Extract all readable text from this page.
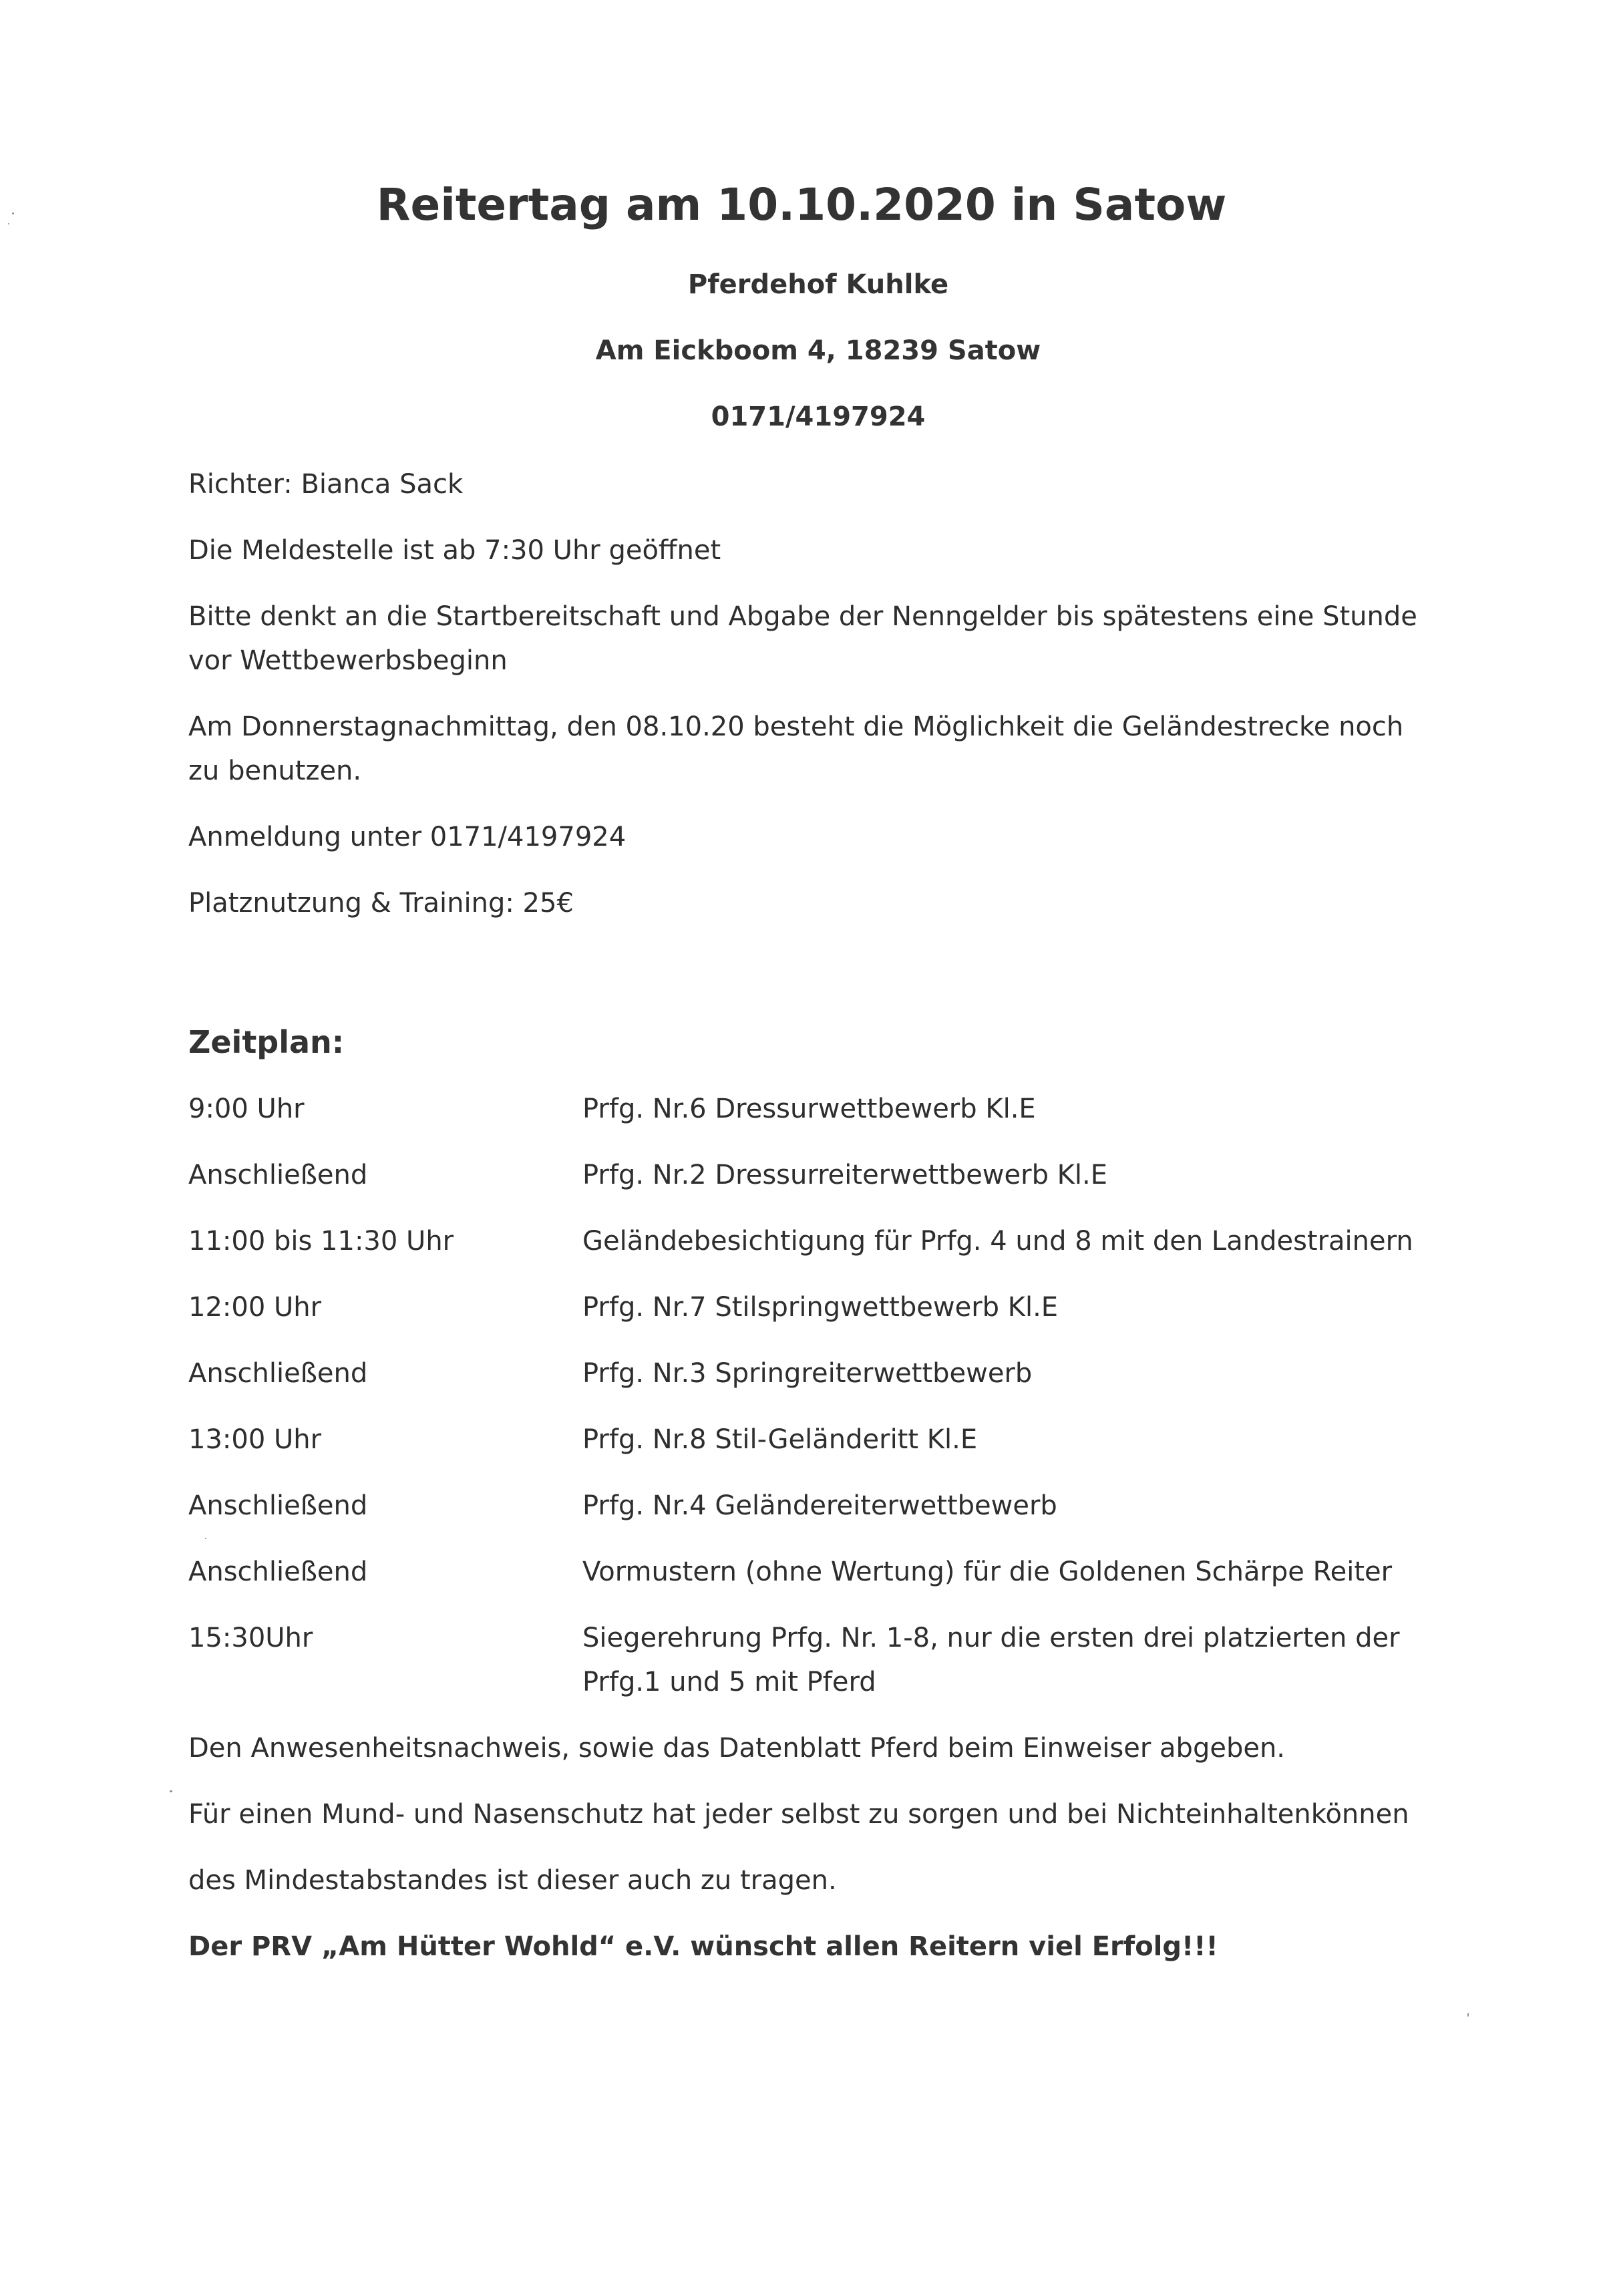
Reitertag am 10.10.2020 in Satow
Pferdehof Kuhlke
Am Eickboom 4, 18239 Satow
0171/4197924
Richter: Bianca Sack
Die Meldestelle ist ab 7:30 Uhr geöffnet
Bitte denkt an die Startbereitschaft und Abgabe der Nenngelder bis spätestens eine Stunde
vor Wettbewerbsbeginn
Am Donnerstagnachmittag, den 08.10.20 besteht die Möglichkeit die Geländestrecke noch
zu benutzen.
Anmeldung unter 0171/4197924
Platznutzung & Training: 25€
Zeitplan:
9:00 Uhr	Prfg. Nr.6 Dressurwettbewerb Kl.E
Anschließend	Prfg. Nr.2 Dressurreiterwettbewerb Kl.E
11:00 bis 11:30 Uhr	Geländebesichtigung für Prfg. 4 und 8 mit den Landestrainern
12:00 Uhr	Prfg. Nr.7 Stilspringwettbewerb Kl.E
Anschließend	Prfg. Nr.3 Springreiterwettbewerb
13:00 Uhr	Prfg. Nr.8 Stil-Geländeritt Kl.E
Anschließend	Prfg. Nr.4 Geländereiterwettbewerb
Anschließend	Vormustern (ohne Wertung) für die Goldenen Schärpe Reiter
15:30Uhr	Siegerehrung Prfg. Nr. 1-8, nur die ersten drei platzierten der
Prfg.1 und 5 mit Pferd
Den Anwesenheitsnachweis, sowie das Datenblatt Pferd beim Einweiser abgeben.
Für einen Mund- und Nasenschutz hat jeder selbst zu sorgen und bei Nichteinhaltenkönnen
des Mindestabstandes ist dieser auch zu tragen.
Der PRV „Am Hütter Wohld“ e.V. wünscht allen Reitern viel Erfolg!!!
